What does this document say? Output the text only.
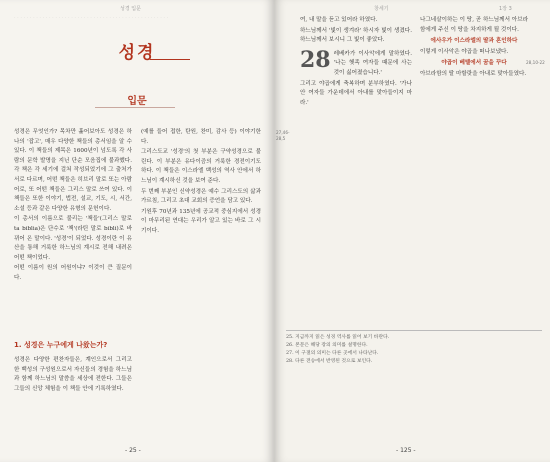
성경 입문
· · · · · · · · · · · · · · · · · · · · · · · · · · · · · · · · · · · · · · · · · · · · · · · · ·
성경
입문

성경은 무엇인가? 목차만 훑어보아도 성경은 하나의 '잡고', 매우 다양한 책들의 총서임을 알 수 있다. 이 책들의 제목은 1600년이 넘도록 각 사람의 문학 발명을 지닌 단순 모음집에 불과했다. 각 책은 각 세기에 걸쳐 작성되었기에 그 출처가 서로 다르며, 어떤 책들은 히브리 말로 또는 아람어로, 또 어떤 책들은 그리스 말로 쓰여 있다. 이 책들은 또한 이야기, 법전, 설교, 기도, 시, 서간, 소설 등과 같은 다양한 유형의 문헌이다.

이 총서의 이름으로 불리는 '책들'(그리스 말로 ta biblia)은 단수로 '책'(라틴 말로 bibli)로 바뀌어 온 말이다. '성경'이 되었다. 성경이란 이 유산을 통해 거룩한 하느님의 계시로 전해 내려온 어떤 책이었다.

어떤 이름이 원의 어원이냐? 이것이 큰 질문이다.

1. 성경은 누구에게 나왔는가?

성경은 다양한 편찬자들은, 계인으로서 그리고 한 백성의 구성원으로서 자신들의 경험을 하느님과 함께 하느님의 말씀을 세상에 전한다. 그들은 그들의 신앙 체험을 이 책들 안에 기록하였다.

(예를 들어 접한, 탄원, 찬미, 감사 등) 이야기한다.

그리스도교 '성경'의 첫 부분은 구약성경으로 불린다. 이 부분은 유다이즘의 거룩한 경전이기도 하다. 이 책들은 이스라엘 백성의 역사 안에서 하느님이 계시하신 것을 보여 준다.

두 번째 부분인 신약성경은 예수 그리스도의 삶과 가르침, 그리고 초대 교회의 증언을 담고 있다.

기원후 70년과 135년에 공교적 중심지에서 성경이 마무리된 연대는 우리가 알고 있는 바로 그 시기이다.

- 25 -
창세기	1장 3
27,46-28,5
28,10-22

여, 내 말을 듣고 있어라 하였다.

하느님께서 '빛이 생겨라' 하시자 빛이 생겼다. 하느님께서 보시니 그 빛이 좋았다.

28 레베카가 이사악에게 말하였다. '나는 헷족 여자들 때문에 사는 것이 싫어졌습니다.'

그리고 야곱에게 축복하며 분부하였다. '가나안 여자들 가운데에서 아내를 맞아들이지 마라.'

나그네살이하는 이 땅, 곧 하느님께서 아브라함에게 주신 이 땅을 차지하게 될 것이다.

에사우가 이스라엘의 딸과 혼인하다

이렇게 이사악은 야곱을 떠나보냈다.

야곱이 베텔에서 꿈을 꾸다

아브라함의 딸 마할랏을 아내로 맞아들였다.

25. 지금까지 읽은 성경 역사를 읽어 보기 바란다.
26. 본문은 해당 장의 의미를 설명한다.
27. 이 구절의 의미는 다른 곳에서 나타난다.
28. 다른 전승에서 반영된 것으로 보인다.
- 125 -
